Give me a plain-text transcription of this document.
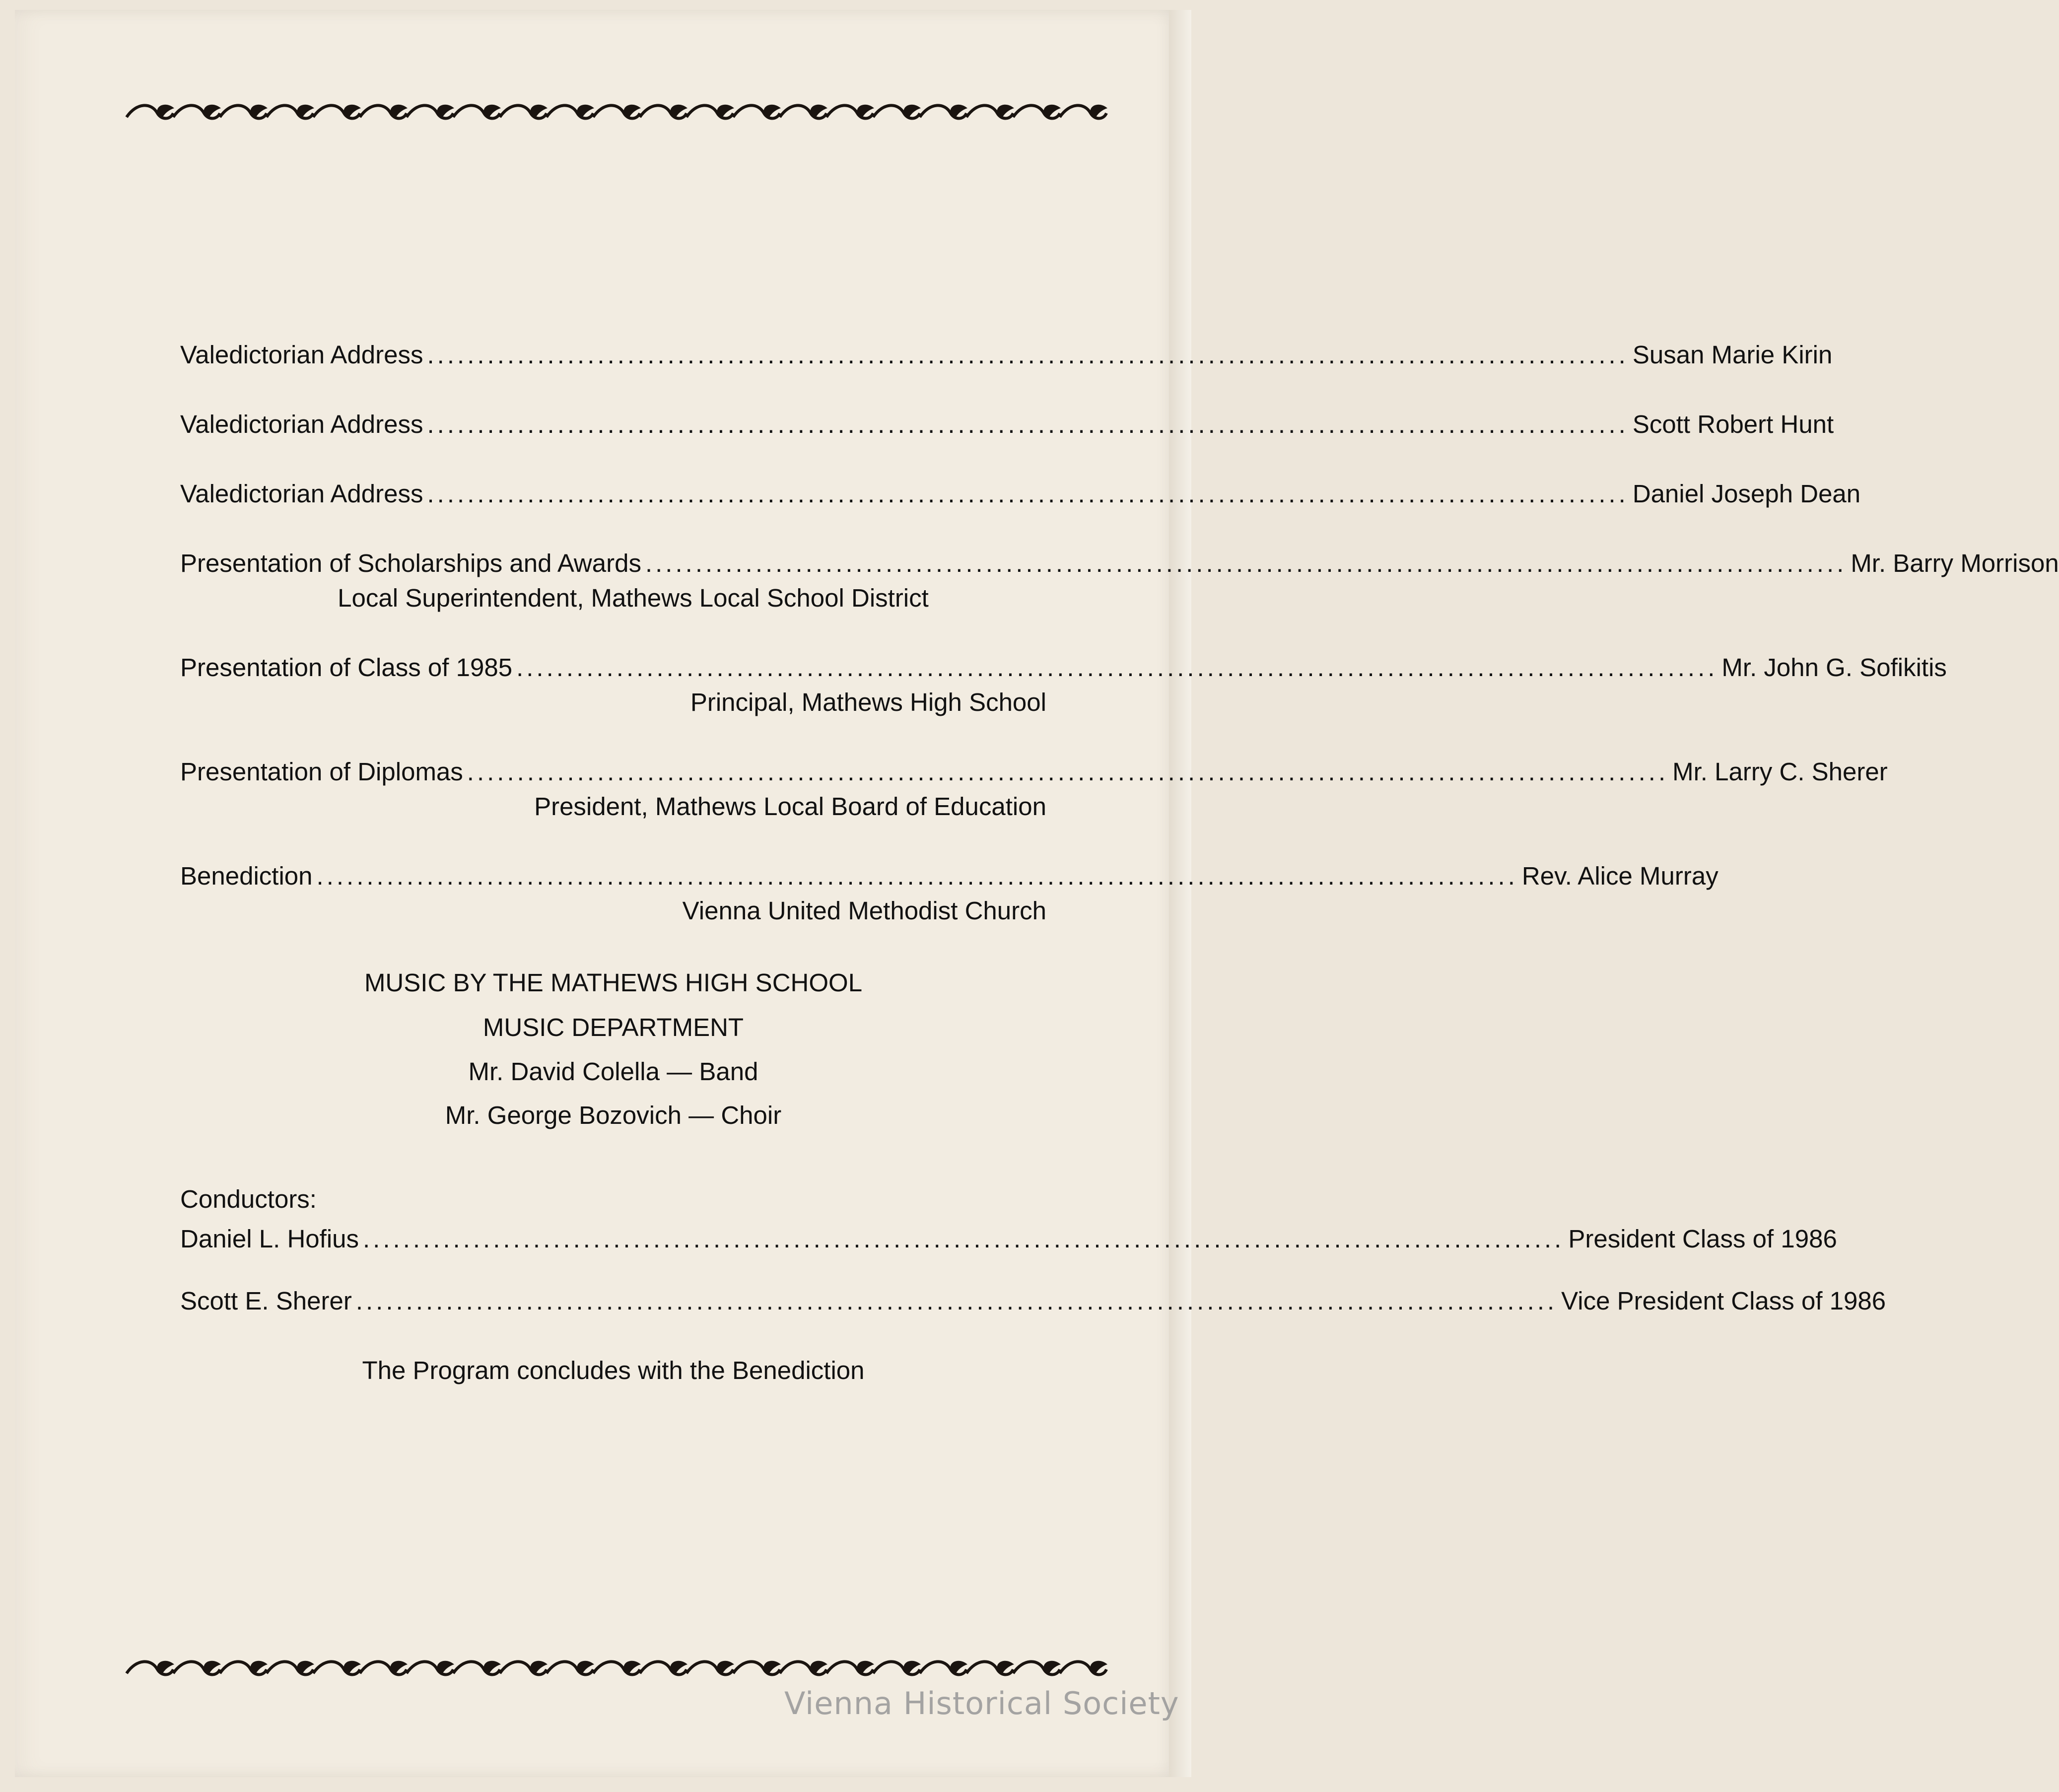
Valedictorian Address ........................................................................................................................ Susan Marie Kirin
Valedictorian Address ........................................................................................................................ Scott Robert Hunt
Valedictorian Address ........................................................................................................................ Daniel Joseph Dean
Presentation of Scholarships and Awards ........................................................................................................................ Mr. Barry Morrison
Local Superintendent, Mathews Local School District
Presentation of Class of 1985 ........................................................................................................................ Mr. John G. Sofikitis
Principal, Mathews High School
Presentation of Diplomas ........................................................................................................................ Mr. Larry C. Sherer
President, Mathews Local Board of Education
Benediction ........................................................................................................................ Rev. Alice Murray
Vienna United Methodist Church
MUSIC BY THE MATHEWS HIGH SCHOOL
MUSIC DEPARTMENT
Mr. David Colella — Band
Mr. George Bozovich — Choir
Conductors:
Daniel L. Hofius ........................................................................................................................ President Class of 1986
Scott E. Sherer ........................................................................................................................ Vice President Class of 1986
The Program concludes with the Benediction
Vienna Historical Society
